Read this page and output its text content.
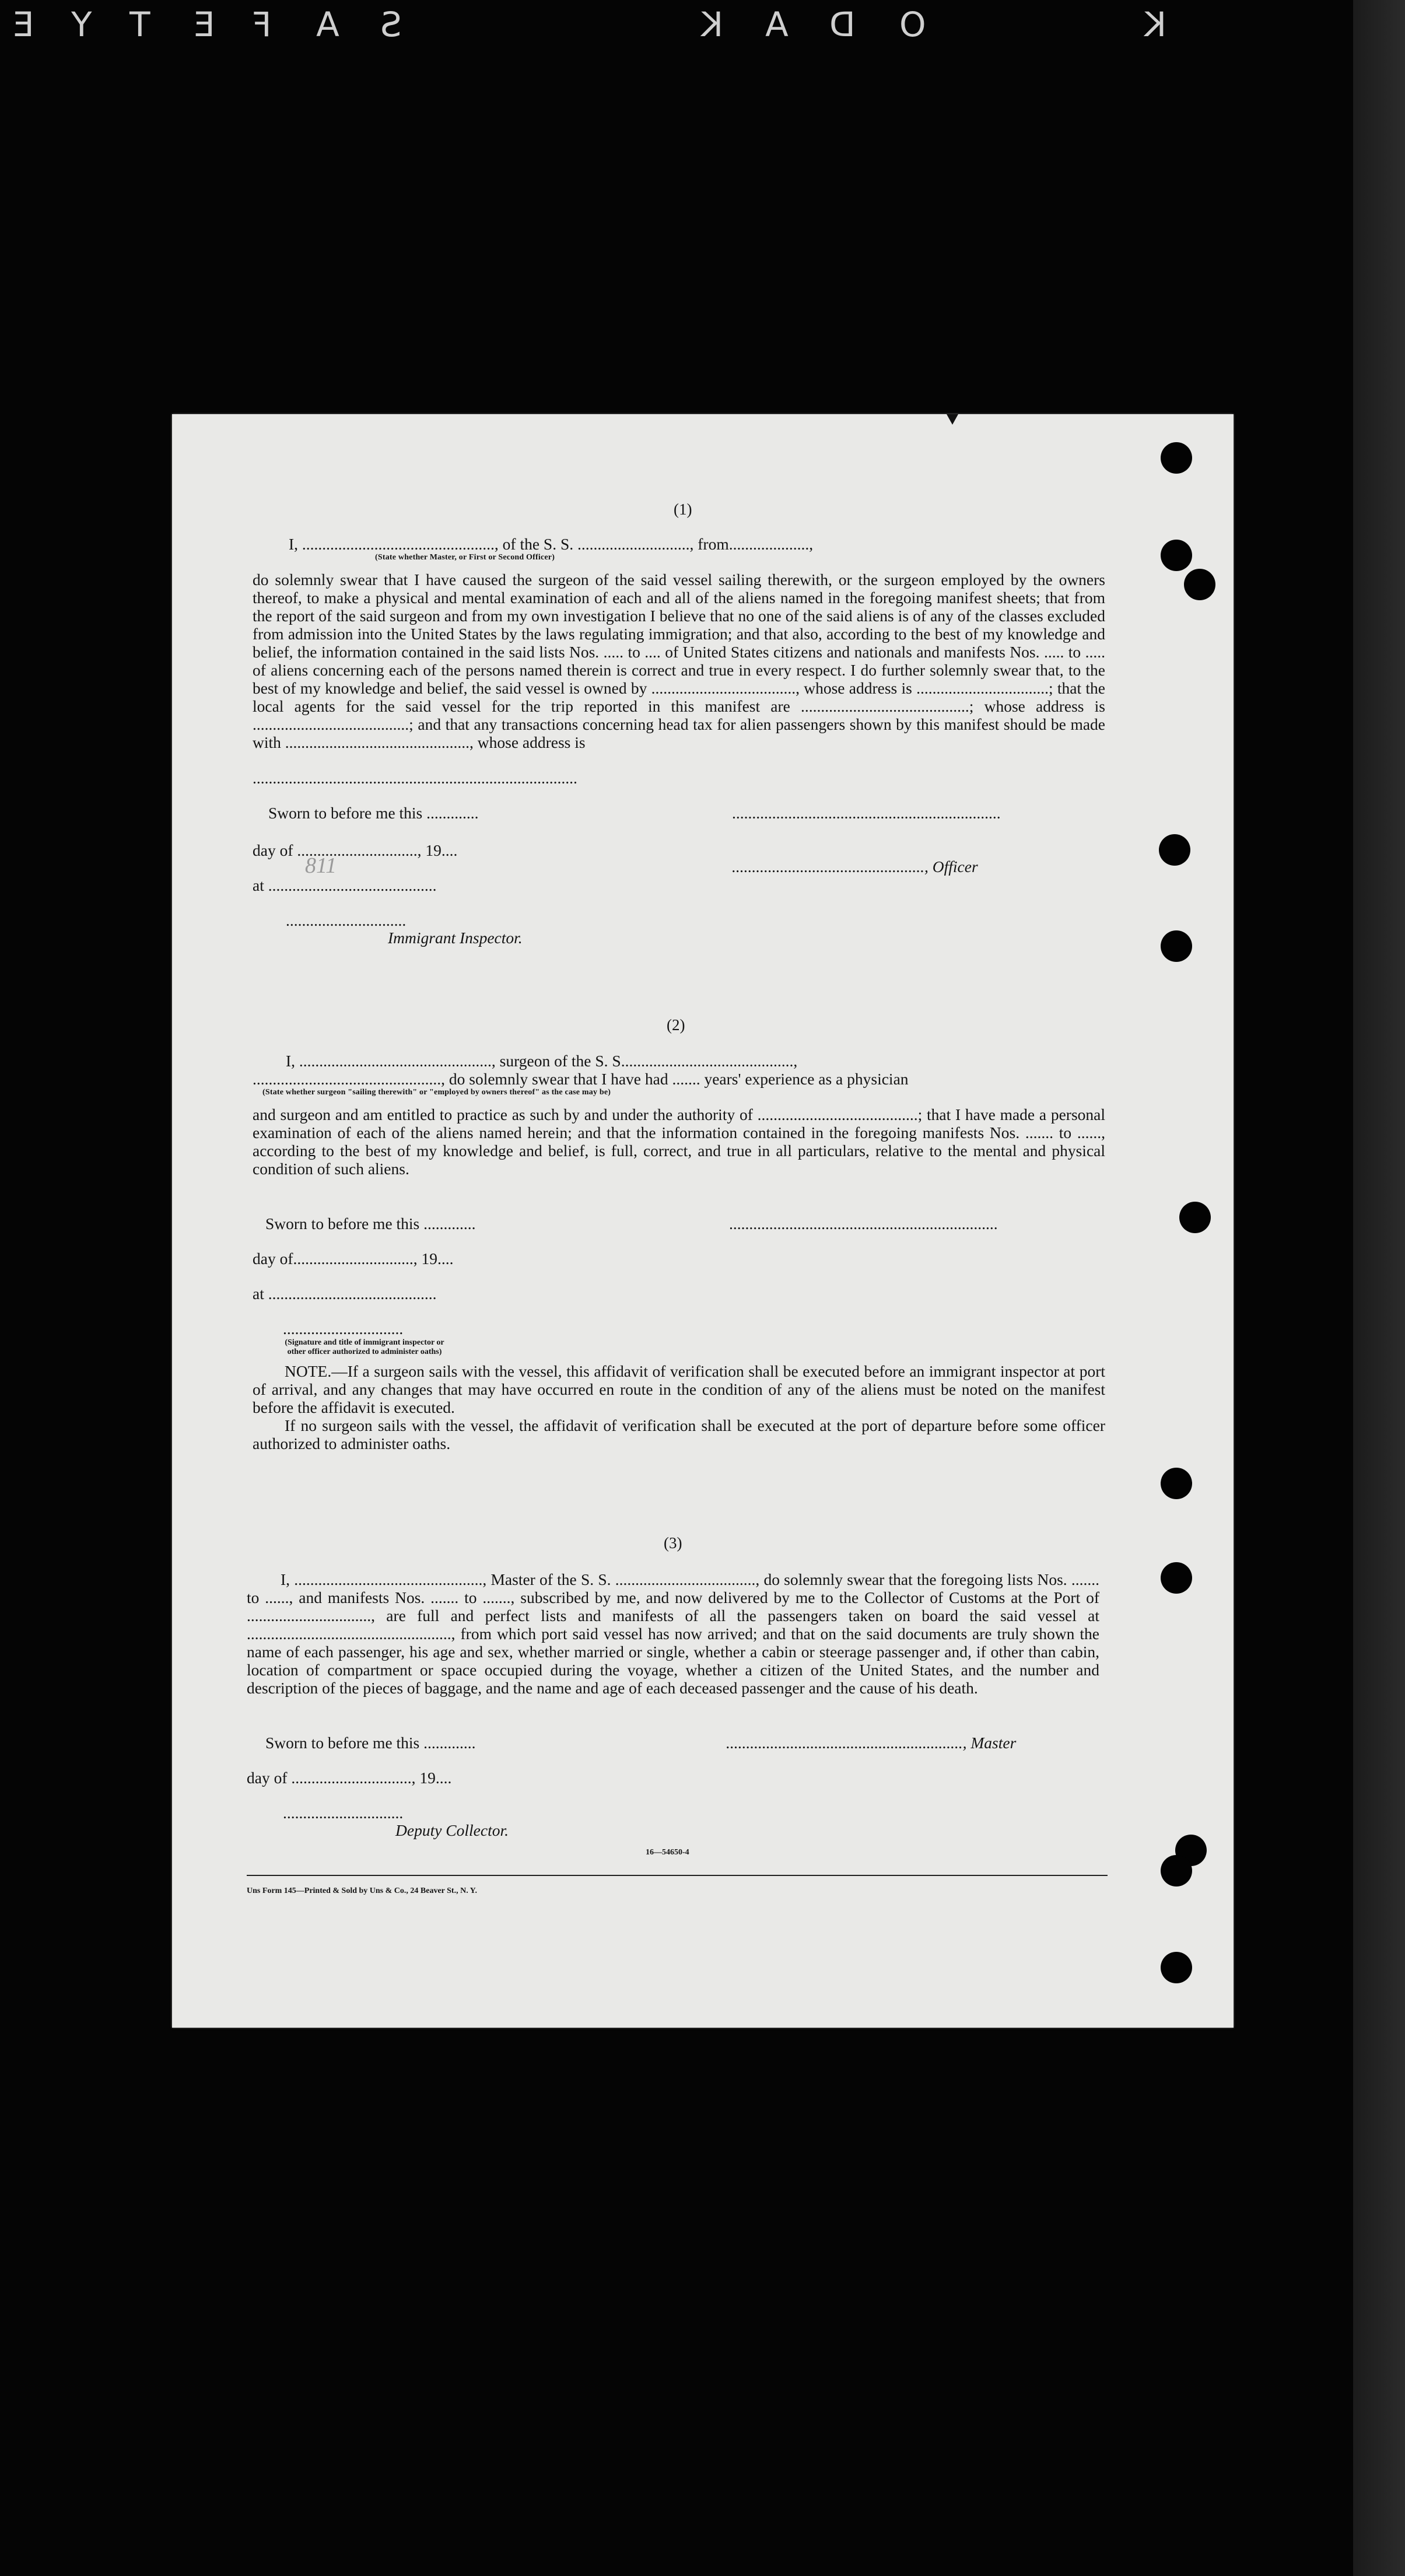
E Y T E F A S	K A D O	K
(1)
I, ................................................, of the S. S. ............................, from....................,
(State whether Master, or First or Second Officer)

do solemnly swear that I have caused the surgeon of the said vessel sailing therewith, or the surgeon employed by the owners thereof, to make a physical and mental examination of each and all of the aliens named in the foregoing manifest sheets; that from the report of the said surgeon and from my own investigation I believe that no one of the said aliens is of any of the classes excluded from admission into the United States by the laws regulating immigration; and that also, according to the best of my knowledge and belief, the information contained in the said lists Nos. ..... to .... of United States citizens and nationals and manifests Nos. ..... to ..... of aliens concerning each of the persons named therein is correct and true in every respect. I do further solemnly swear that, to the best of my knowledge and belief, the said vessel is owned by ...................................., whose address is .................................; that the local agents for the said vessel for the trip reported in this manifest are ..........................................; whose address is .......................................; and that any transactions concerning head tax for alien passengers shown by this manifest should be made with .............................................., whose address is

.................................................................................
Sworn to before me this .............	...................................................................
day of .............................., 19....
................................................, Officer
at ..........................................
811
..............................
Immigrant Inspector.
(2)
I, ................................................, surgeon of the S. S...........................................,
..............................................., do solemnly swear that I have had ....... years' experience as a physician
(State whether surgeon "sailing therewith" or "employed by owners thereof" as the case may be)

and surgeon and am entitled to practice as such by and under the authority of ........................................; that I have made a personal examination of each of the aliens named herein; and that the information contained in the foregoing manifests Nos. ....... to ......, according to the best of my knowledge and belief, is full, correct, and true in all particulars, relative to the mental and physical condition of such aliens.

Sworn to before me this .............	...................................................................
day of.............................., 19....
at ..........................................
..............................
(Signature and title of immigrant inspector or
other officer authorized to administer oaths)

NOTE.—If a surgeon sails with the vessel, this affidavit of verification shall be executed before an immigrant inspector at port of arrival, and any changes that may have occurred en route in the condition of any of the aliens must be noted on the manifest before the affidavit is executed.

If no surgeon sails with the vessel, the affidavit of verification shall be executed at the port of departure before some officer authorized to administer oaths.

(3)

I, ..............................................., Master of the S. S. ..................................., do solemnly swear that the foregoing lists Nos. ....... to ......, and manifests Nos. ....... to ......., subscribed by me, and now delivered by me to the Collector of Customs at the Port of ..............................., are full and perfect lists and manifests of all the passengers taken on board the said vessel at ..................................................., from which port said vessel has now arrived; and that on the said documents are truly shown the name of each passenger, his age and sex, whether married or single, whether a cabin or steerage passenger and, if other than cabin, location of compartment or space occupied during the voyage, whether a citizen of the United States, and the number and description of the pieces of baggage, and the name and age of each deceased passenger and the cause of his death.

Sworn to before me this .............	..........................................................., Master
day of .............................., 19....
..............................
Deputy Collector.
16—54650-4
Uns Form 145—Printed & Sold by Uns & Co., 24 Beaver St., N. Y.
